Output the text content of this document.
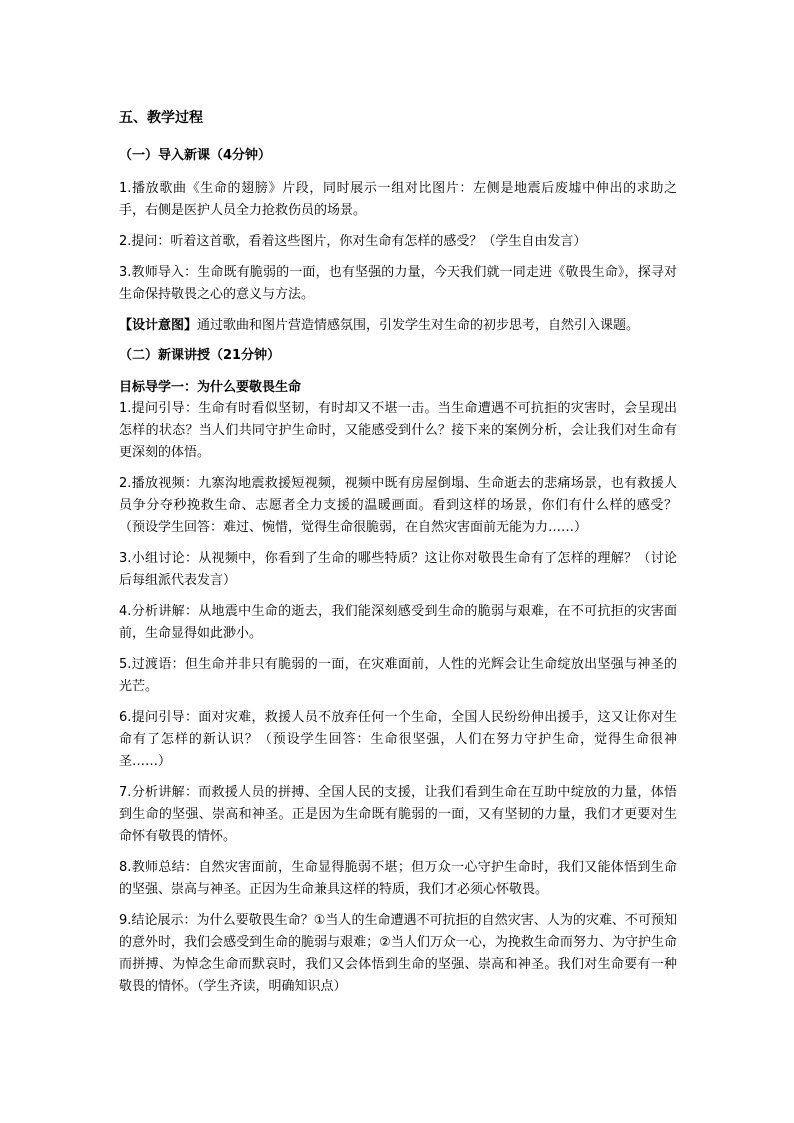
五、教学过程
（一）导入新课（4分钟）

1.播放歌曲《生命的翅膀》片段，同时展示一组对比图片：左侧是地震后废墟中伸出的求助之手，右侧是医护人员全力抢救伤员的场景。

2.提问：听着这首歌，看着这些图片，你对生命有怎样的感受？（学生自由发言）

3.教师导入：生命既有脆弱的一面，也有坚强的力量，今天我们就一同走进《敬畏生命》，探寻对生命保持敬畏之心的意义与方法。

【设计意图】通过歌曲和图片营造情感氛围，引发学生对生命的初步思考，自然引入课题。

（二）新课讲授（21分钟）
目标导学一：为什么要敬畏生命

1.提问引导：生命有时看似坚韧，有时却又不堪一击。当生命遭遇不可抗拒的灾害时，会呈现出怎样的状态？当人们共同守护生命时，又能感受到什么？接下来的案例分析，会让我们对生命有更深刻的体悟。

2.播放视频：九寨沟地震救援短视频，视频中既有房屋倒塌、生命逝去的悲痛场景，也有救援人员争分夺秒挽救生命、志愿者全力支援的温暖画面。看到这样的场景，你们有什么样的感受？（预设学生回答：难过、惋惜，觉得生命很脆弱，在自然灾害面前无能为力……）

3.小组讨论：从视频中，你看到了生命的哪些特质？这让你对敬畏生命有了怎样的理解？（讨论后每组派代表发言）

4.分析讲解：从地震中生命的逝去，我们能深刻感受到生命的脆弱与艰难，在不可抗拒的灾害面前，生命显得如此渺小。

5.过渡语：但生命并非只有脆弱的一面，在灾难面前，人性的光辉会让生命绽放出坚强与神圣的光芒。

6.提问引导：面对灾难，救援人员不放弃任何一个生命，全国人民纷纷伸出援手，这又让你对生命有了怎样的新认识？（预设学生回答：生命很坚强，人们在努力守护生命，觉得生命很神圣……）

7.分析讲解：而救援人员的拼搏、全国人民的支援，让我们看到生命在互助中绽放的力量，体悟到生命的坚强、崇高和神圣。正是因为生命既有脆弱的一面，又有坚韧的力量，我们才更要对生命怀有敬畏的情怀。

8.教师总结：自然灾害面前，生命显得脆弱不堪；但万众一心守护生命时，我们又能体悟到生命的坚强、崇高与神圣。正因为生命兼具这样的特质，我们才必须心怀敬畏。

9.结论展示：为什么要敬畏生命？①当人的生命遭遇不可抗拒的自然灾害、人为的灾难、不可预知的意外时，我们会感受到生命的脆弱与艰难；②当人们万众一心，为挽救生命而努力、为守护生命而拼搏、为悼念生命而默哀时，我们又会体悟到生命的坚强、崇高和神圣。我们对生命要有一种敬畏的情怀。（学生齐读，明确知识点）
